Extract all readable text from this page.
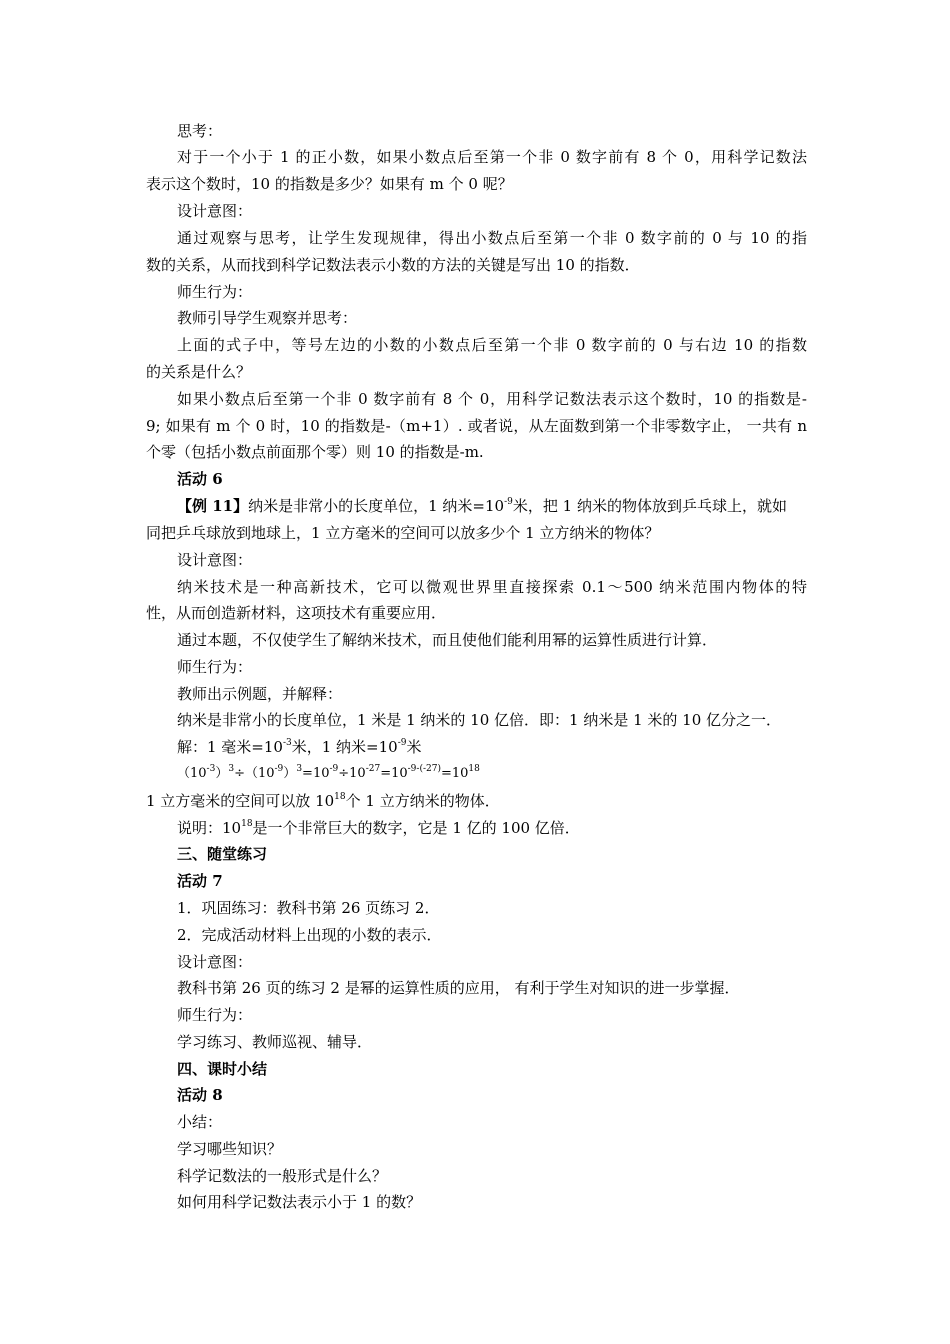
思考：
对于一个小于 1 的正小数，如果小数点后至第一个非 0 数字前有 8 个 0，用科学记数法
表示这个数时，10 的指数是多少？如果有 m 个 0 呢？
设计意图：
通过观察与思考，让学生发现规律，得出小数点后至第一个非 0 数字前的 0 与 10 的指
数的关系，从而找到科学记数法表示小数的方法的关键是写出 10 的指数．
师生行为：
教师引导学生观察并思考：
上面的式子中，等号左边的小数的小数点后至第一个非 0 数字前的 0 与右边 10 的指数
的关系是什么？
如果小数点后至第一个非 0 数字前有 8 个 0，用科学记数法表示这个数时，10 的指数是-
9; 如果有 m 个 0 时，10 的指数是-（m+1）. 或者说，从左面数到第一个非零数字止， 一共有 n
个零（包括小数点前面那个零）则 10 的指数是-m.
活动 6
【例 11】纳米是非常小的长度单位，1 纳米$=10^{-9}$米，把 1 纳米的物体放到乒乓球上，就如
同把乒乓球放到地球上，1 立方毫米的空间可以放多少个 1 立方纳米的物体？
设计意图：
纳米技术是一种高新技术，它可以微观世界里直接探索 0.1～500 纳米范围内物体的特
性，从而创造新材料，这项技术有重要应用．
通过本题，不仅使学生了解纳米技术，而且使他们能利用幂的运算性质进行计算．
师生行为：
教师出示例题，并解释：
纳米是非常小的长度单位，1 米是 1 纳米的 10 亿倍．即：1 纳米是 1 米的 10 亿分之一．
解：1 毫米$=10^{-3}$米，1 纳米$=10^{-9}$米
$(10^{-3})^3\div(10^{-9})^3=10^{-9}\div 10^{-27}=10^{-9-(-27)}=10^{18}$
1 立方毫米的空间可以放 $10^{18}$个 1 立方纳米的物体．
说明：$10^{18}$是一个非常巨大的数字，它是 1 亿的 100 亿倍．
三、随堂练习
活动 7
1．巩固练习：教科书第 26 页练习 2．
2．完成活动材料上出现的小数的表示．
设计意图：
教科书第 26 页的练习 2 是幂的运算性质的应用， 有利于学生对知识的进一步掌握．
师生行为：
学习练习、教师巡视、辅导．
四、课时小结
活动 8
小结：
学习哪些知识？
科学记数法的一般形式是什么？
如何用科学记数法表示小于 1 的数？
